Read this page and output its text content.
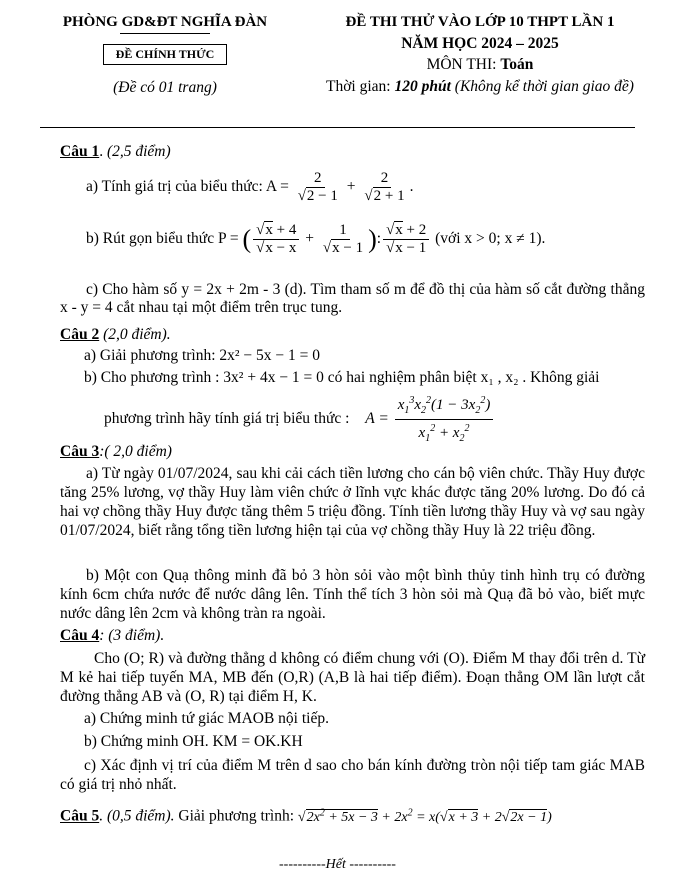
PHÒNG GD&ĐT NGHĨA ĐÀN
ĐỀ CHÍNH THỨC
(Đề có 01 trang)
ĐỀ THI THỬ VÀO LỚP 10 THPT LẦN 1
NĂM HỌC 2024 – 2025
MÔN THI: Toán
Thời gian: 120 phút (Không kể thời gian giao đề)
Câu 1. (2,5 điểm)
a) Tính giá trị của biểu thức: $A = \frac{2}{√2 - 1} + \frac{2}{√2 + 1}$ .
b) Rút gọn biểu thức P = ( $\frac{√x + 4}{√x - x} + \frac{1}{√x - 1}$ ): $\frac{√x + 2}{√x - 1}$ (với x > 0; x ≠ 1).
c) Cho hàm số y = 2x + 2m - 3 (d). Tìm tham số m để đồ thị của hàm số cắt đường thẳng x - y = 4 cắt nhau tại một điểm trên trục tung.
Câu 2 (2,0 điểm).
a) Giải phương trình: 2x² − 5x − 1 = 0
b) Cho phương trình : 3x² + 4x − 1 = 0 có hai nghiệm phân biệt x₁ , x₂ . Không giải
phương trình hãy tính giá trị biểu thức : $A = \frac{x_1^3x_2^2(1 - 3x_2^2)}{x_1^2 + x_2^2}$
Câu 3:( 2,0 điểm)
a) Từ ngày 01/07/2024, sau khi cải cách tiền lương cho cán bộ viên chức. Thầy Huy được tăng 25% lương, vợ thầy Huy làm viên chức ở lĩnh vực khác được tăng 20% lương. Do đó cả hai vợ chồng thầy Huy được tăng thêm 5 triệu đồng. Tính tiền lương thầy Huy và vợ sau ngày 01/07/2024, biết rằng tổng tiền lương hiện tại của vợ chồng thầy Huy là 22 triệu đồng.
b) Một con Quạ thông minh đã bỏ 3 hòn sỏi vào một bình thủy tinh hình trụ có đường kính 6cm chứa nước để nước dâng lên. Tính thể tích 3 hòn sỏi mà Quạ đã bỏ vào, biết mực nước dâng lên 2cm và không tràn ra ngoài.
Câu 4: (3 điểm).
Cho (O; R) và đường thẳng d không có điểm chung với (O). Điểm M thay đổi trên d. Từ M kẻ hai tiếp tuyến MA, MB đến (O,R) (A,B là hai tiếp điểm). Đoạn thẳng OM lần lượt cắt đường thẳng AB và (O, R) tại điểm H, K.
a) Chứng minh tứ giác MAOB nội tiếp.
b) Chứng minh OH. KM = OK.KH
c) Xác định vị trí của điểm M trên d sao cho bán kính đường tròn nội tiếp tam giác MAB có giá trị nhỏ nhất.
Câu 5. (0,5 điểm). Giải phương trình: $√2x^2 + 5x - 3 + 2x^2 = x(√x + 3 + 2√2x - 1)$
----------Hết ----------
